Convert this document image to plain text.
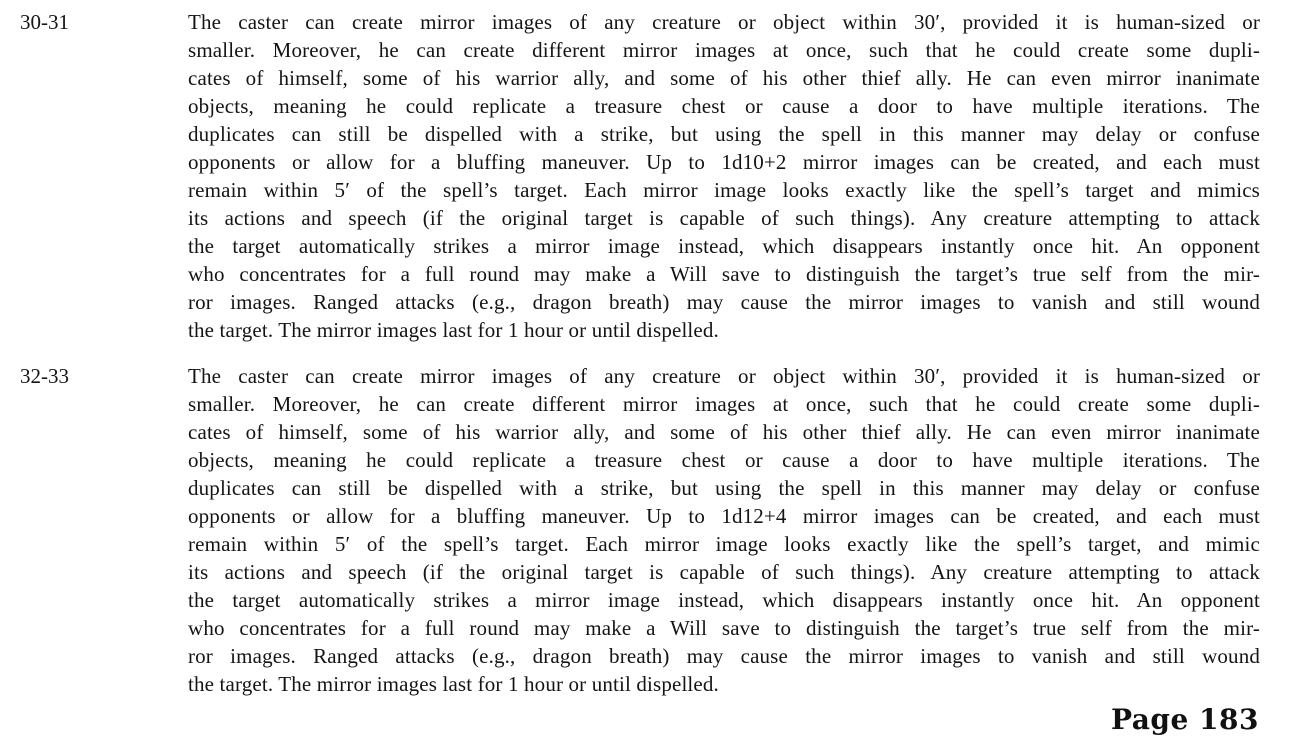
30-31	The caster can create mirror images of any creature or object within 30′, provided it is human-sized or
smaller. Moreover, he can create different mirror images at once, such that he could create some dupli-
cates of himself, some of his warrior ally, and some of his other thief ally. He can even mirror inanimate
objects, meaning he could replicate a treasure chest or cause a door to have multiple iterations. The
duplicates can still be dispelled with a strike, but using the spell in this manner may delay or confuse
opponents or allow for a bluffing maneuver. Up to 1d10+2 mirror images can be created, and each must
remain within 5′ of the spell’s target. Each mirror image looks exactly like the spell’s target and mimics
its actions and speech (if the original target is capable of such things). Any creature attempting to attack
the target automatically strikes a mirror image instead, which disappears instantly once hit. An opponent
who concentrates for a full round may make a Will save to distinguish the target’s true self from the mir-
ror images. Ranged attacks (e.g., dragon breath) may cause the mirror images to vanish and still wound
the target. The mirror images last for 1 hour or until dispelled.

32-33	The caster can create mirror images of any creature or object within 30′, provided it is human-sized or
smaller. Moreover, he can create different mirror images at once, such that he could create some dupli-
cates of himself, some of his warrior ally, and some of his other thief ally. He can even mirror inanimate
objects, meaning he could replicate a treasure chest or cause a door to have multiple iterations. The
duplicates can still be dispelled with a strike, but using the spell in this manner may delay or confuse
opponents or allow for a bluffing maneuver. Up to 1d12+4 mirror images can be created, and each must
remain within 5′ of the spell’s target. Each mirror image looks exactly like the spell’s target, and mimic
its actions and speech (if the original target is capable of such things). Any creature attempting to attack
the target automatically strikes a mirror image instead, which disappears instantly once hit. An opponent
who concentrates for a full round may make a Will save to distinguish the target’s true self from the mir-
ror images. Ranged attacks (e.g., dragon breath) may cause the mirror images to vanish and still wound
the target. The mirror images last for 1 hour or until dispelled.
Page 183
